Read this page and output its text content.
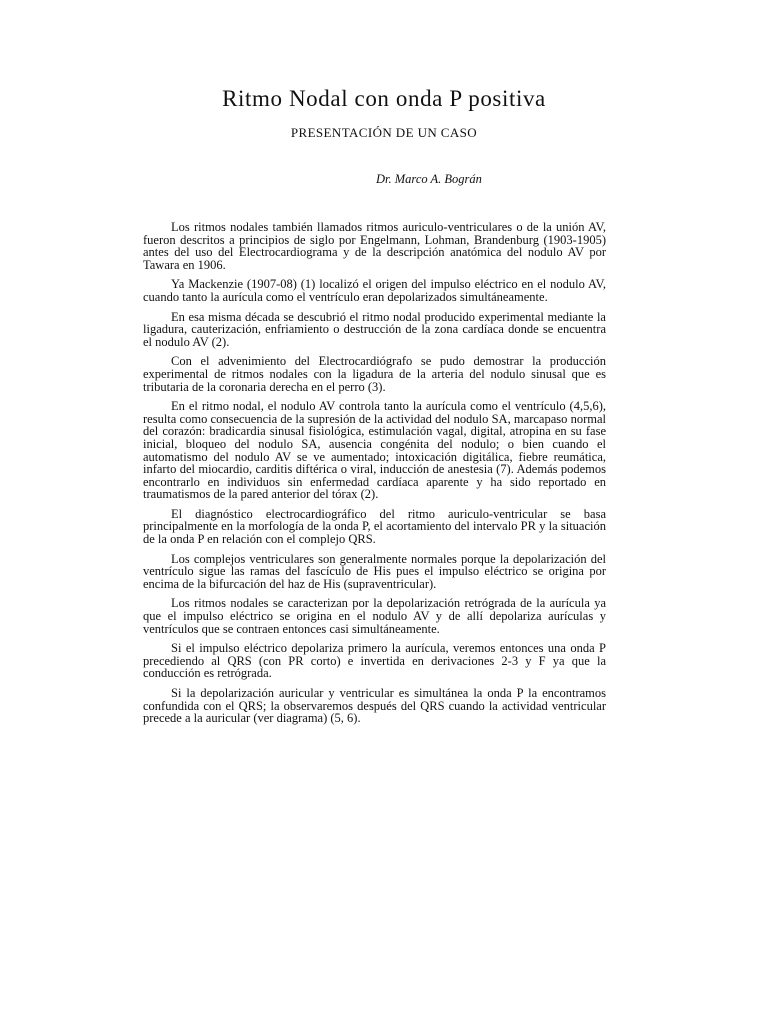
Ritmo Nodal con onda P positiva
PRESENTACIÓN DE UN CASO
Dr. Marco A. Bográn

Los ritmos nodales también llamados ritmos auriculo-ventriculares o de la unión AV, fueron descritos a principios de siglo por Engelmann, Lohman, Brandenburg (1903-1905) antes del uso del Electrocardiograma y de la descripción anatómica del nodulo AV por Tawara en 1906.

Ya Mackenzie (1907-08) (1) localizó el origen del impulso eléctrico en el nodulo AV, cuando tanto la aurícula como el ventrículo eran depolarizados simultáneamente.

En esa misma década se descubrió el ritmo nodal producido experimental mediante la ligadura, cauterización, enfriamiento o destrucción de la zona cardíaca donde se encuentra el nodulo AV (2).

Con el advenimiento del Electrocardiógrafo se pudo demostrar la producción experimental de ritmos nodales con la ligadura de la arteria del nodulo sinusal que es tributaria de la coronaria derecha en el perro (3).

En el ritmo nodal, el nodulo AV controla tanto la aurícula como el ventrículo (4,5,6), resulta como consecuencia de la supresión de la actividad del nodulo SA, marcapaso normal del corazón: bradicardia sinusal fisiológica, estimulación vagal, digital, atropina en su fase inicial, bloqueo del nodulo SA, ausencia congénita del nodulo; o bien cuando el automatismo del nodulo AV se ve aumentado; intoxicación digitálica, fiebre reumática, infarto del miocardio, carditis diftérica o viral, inducción de anestesia (7). Además podemos encontrarlo en individuos sin enfermedad cardíaca aparente y ha sido reportado en traumatismos de la pared anterior del tórax (2).

El diagnóstico electrocardiográfico del ritmo auriculo-ventricular se basa principalmente en la morfología de la onda P, el acortamiento del intervalo PR y la situación de la onda P en relación con el complejo QRS.

Los complejos ventriculares son generalmente normales porque la depolarización del ventrículo sigue las ramas del fascículo de His pues el impulso eléctrico se origina por encima de la bifurcación del haz de His (supraventricular).

Los ritmos nodales se caracterizan por la depolarización retrógrada de la aurícula ya que el impulso eléctrico se origina en el nodulo AV y de allí depolariza aurículas y ventrículos que se contraen entonces casi simultáneamente.

Si el impulso eléctrico depolariza primero la aurícula, veremos entonces una onda P precediendo al QRS (con PR corto) e invertida en derivaciones 2-3 y F ya que la conducción es retrógrada.

Si la depolarización auricular y ventricular es simultánea la onda P la encontramos confundida con el QRS; la observaremos después del QRS cuando la actividad ventricular precede a la auricular (ver diagrama) (5, 6).
